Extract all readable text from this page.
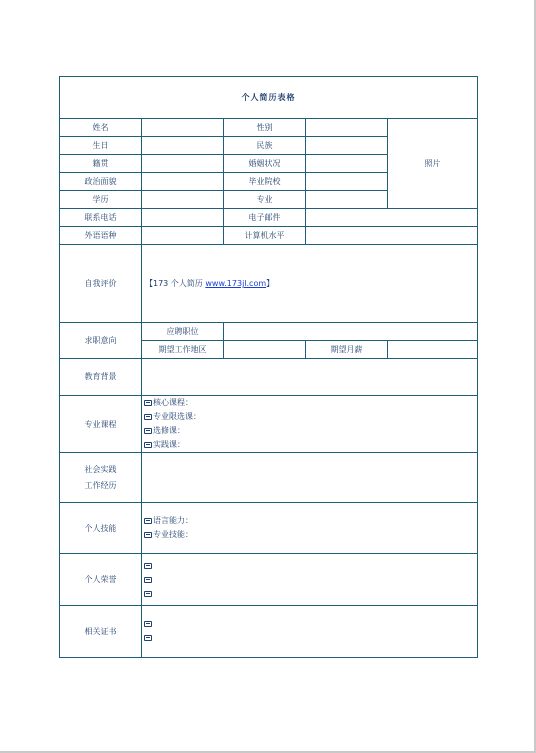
个人简历表格				
姓名		性别		照片
生日		民族		
籍贯		婚姻状况		
政治面貌		毕业院校		
学历		专业		
联系电话		电子邮件		
外语语种		计算机水平		
自我评价	【173 个人简历 www.173jl.com】			
求职意向	应聘职位			
	期望工作地区		期望月薪	
教育背景				
专业课程	核心课程：
专业限选课：
选修课：
实践课：			

社会实践
工作经历				

个人技能	语言能力：
专业技能：			

个人荣誉				

相关证书				
